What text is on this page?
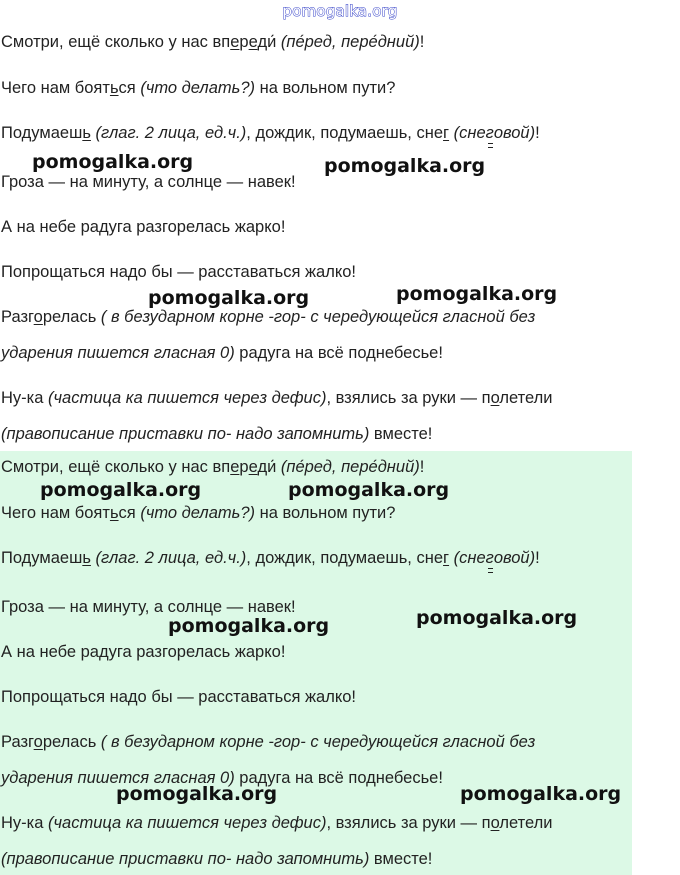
pomogalka.org
Смотри, ещё сколько у нас впереди́ (пе́ред, пере́дний)!
Чего нам бояться (что делать?) на вольном пути?
Подумаешь (глаг. 2 лица, ед.ч.), дождик, подумаешь, снег (снеговой)!
Гроза — на минуту, а солнце — навек!
А на небе радуга разгорелась жарко!
Попрощаться надо бы — расставаться жалко!
Разгорелась ( в безударном корне -гор- с чередующейся гласной без
ударения пишется гласная 0) радуга на всё поднебесье!
Ну-ка (частица ка пишется через дефис), взялись за руки — полетели
(правописание приставки по- надо запомнить) вместе!
Смотри, ещё сколько у нас впереди́ (пе́ред, пере́дний)!
Чего нам бояться (что делать?) на вольном пути?
Подумаешь (глаг. 2 лица, ед.ч.), дождик, подумаешь, снег (снеговой)!
Гроза — на минуту, а солнце — навек!
А на небе радуга разгорелась жарко!
Попрощаться надо бы — расставаться жалко!
Разгорелась ( в безударном корне -гор- с чередующейся гласной без
ударения пишется гласная 0) радуга на всё поднебесье!
Ну-ка (частица ка пишется через дефис), взялись за руки — полетели
(правописание приставки по- надо запомнить) вместе!
pomogalka.org	pomogalka.org
pomogalka.org	pomogalka.org
pomogalka.org	pomogalka.org
pomogalka.org	pomogalka.org
pomogalka.org	pomogalka.org
